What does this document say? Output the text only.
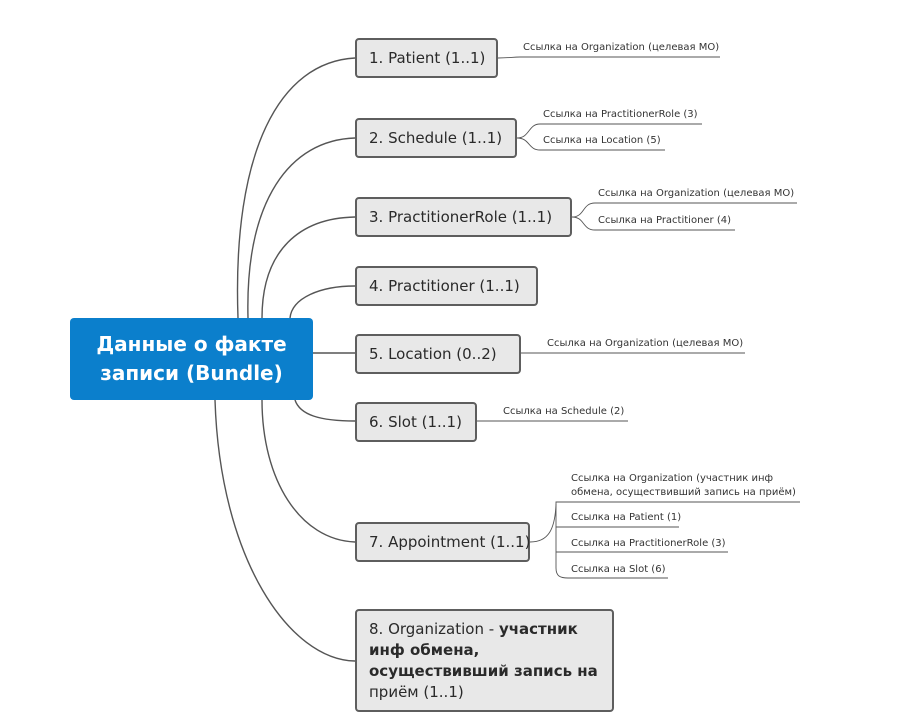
Данные о факте
записи (Bundle)
1. Patient (1..1)
2. Schedule (1..1)
3. PractitionerRole (1..1)
4. Practitioner (1..1)
5. Location (0..2)
6. Slot (1..1)
7. Appointment (1..1)
8. Organization - участник инф обмена, осуществивший запись на приём (1..1)
Ссылка на Organization (целевая МО)
Ссылка на PractitionerRole (3)
Ссылка на Location (5)
Ссылка на Organization (целевая МО)
Ссылка на Practitioner (4)
Ссылка на Organization (целевая МО)
Ссылка на Schedule (2)
Ссылка на Organization (участник инф обмена, осуществивший запись на приём)
Ссылка на Patient (1)
Ссылка на PractitionerRole (3)
Ссылка на Slot (6)
